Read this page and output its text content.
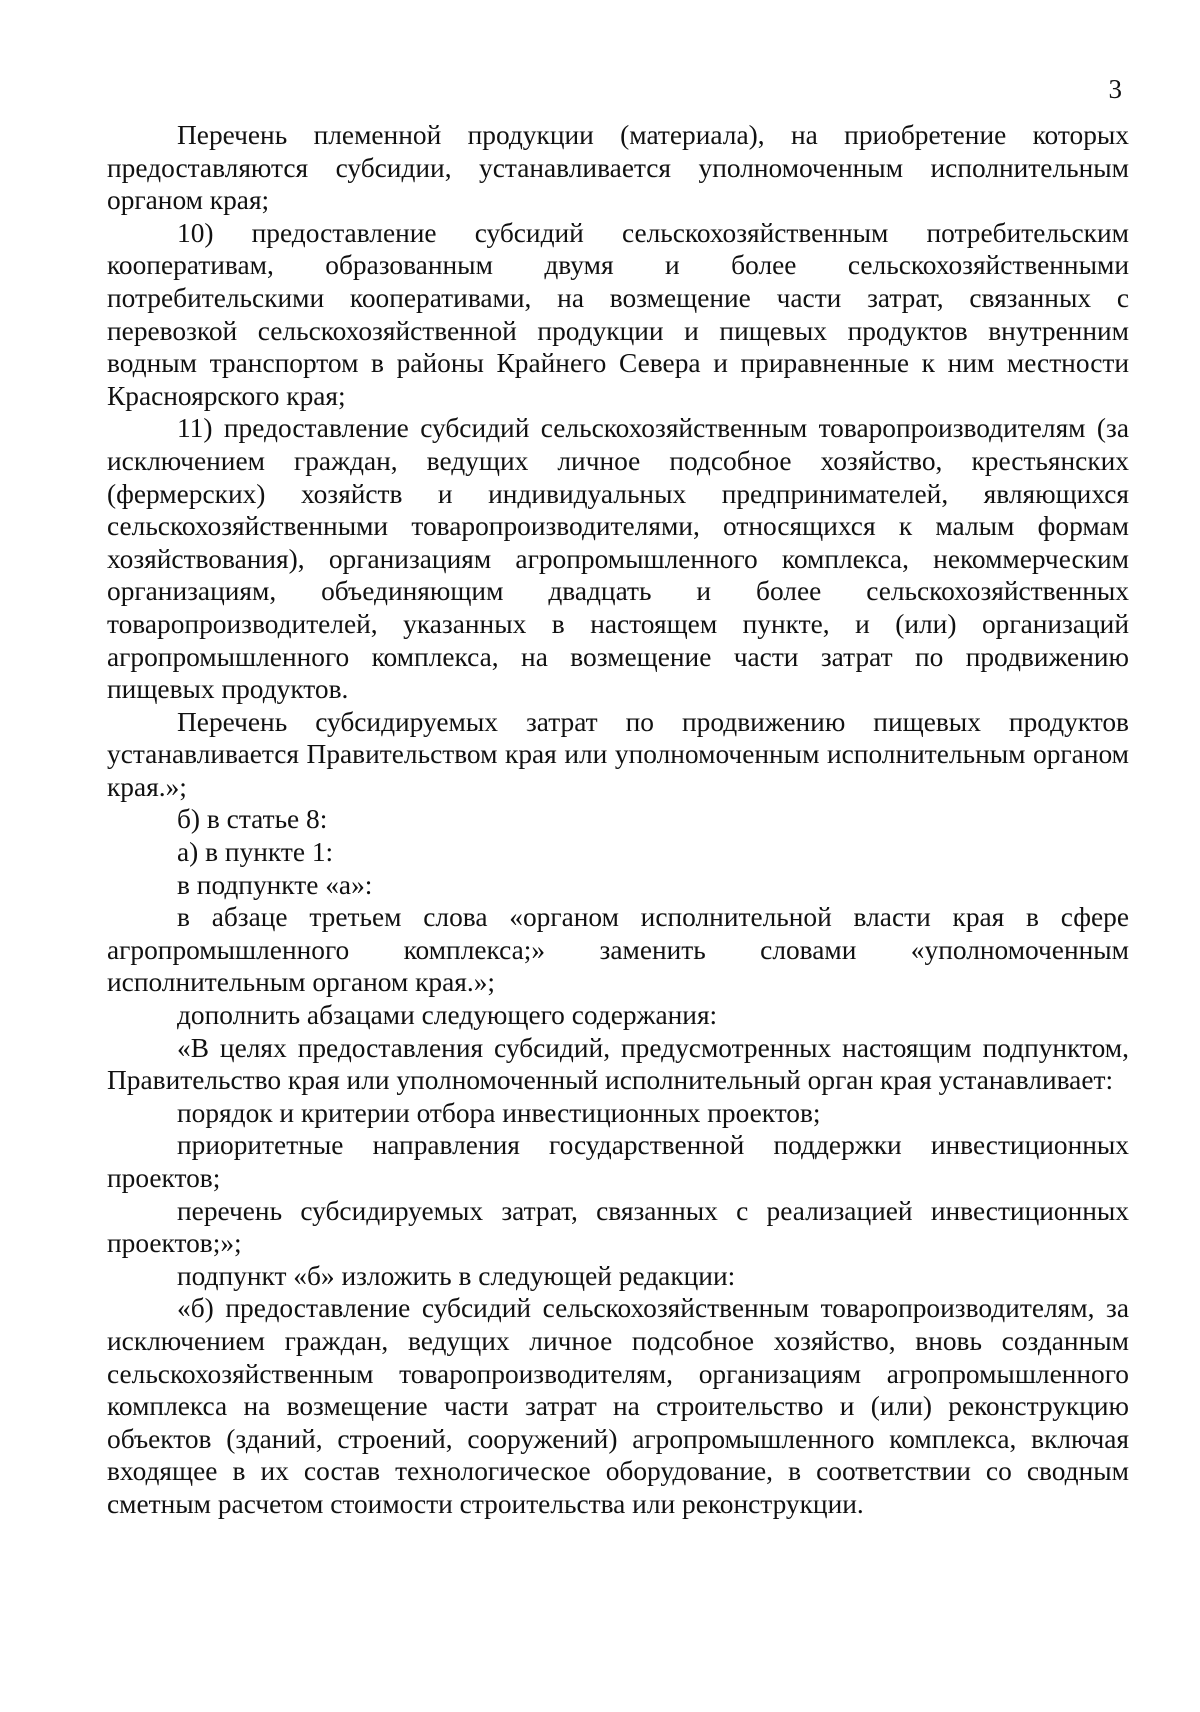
3

Перечень племенной продукции (материала), на приобретение которых предоставляются субсидии, устанавливается уполномоченным исполнительным органом края;

10) предоставление субсидий сельскохозяйственным потребительским кооперативам, образованным двумя и более сельскохозяйственными потребительскими кооперативами, на возмещение части затрат, связанных с перевозкой сельскохозяйственной продукции и пищевых продуктов внутренним водным транспортом в районы Крайнего Севера и приравненные к ним местности Красноярского края;

11) предоставление субсидий сельскохозяйственным товаропроизводителям (за исключением граждан, ведущих личное подсобное хозяйство, крестьянских (фермерских) хозяйств и индивидуальных предпринимателей, являющихся сельскохозяйственными товаропроизводителями, относящихся к малым формам хозяйствования), организациям агропромышленного комплекса, некоммерческим организациям, объединяющим двадцать и более сельскохозяйственных товаропроизводителей, указанных в настоящем пункте, и (или) организаций агропромышленного комплекса, на возмещение части затрат по продвижению пищевых продуктов.

Перечень субсидируемых затрат по продвижению пищевых продуктов устанавливается Правительством края или уполномоченным исполнительным органом края.»;

б) в статье 8:

а) в пункте 1:

в подпункте «а»:

в абзаце третьем слова «органом исполнительной власти края в сфере агропромышленного комплекса;» заменить словами «уполномоченным исполнительным органом края.»;

дополнить абзацами следующего содержания:

«В целях предоставления субсидий, предусмотренных настоящим подпунктом, Правительство края или уполномоченный исполнительный орган края устанавливает:

порядок и критерии отбора инвестиционных проектов;

приоритетные направления государственной поддержки инвестиционных проектов;

перечень субсидируемых затрат, связанных с реализацией инвестиционных проектов;»;

подпункт «б» изложить в следующей редакции:

«б) предоставление субсидий сельскохозяйственным товаропроизводителям, за исключением граждан, ведущих личное подсобное хозяйство, вновь созданным сельскохозяйственным товаропроизводителям, организациям агропромышленного комплекса на возмещение части затрат на строительство и (или) реконструкцию объектов (зданий, строений, сооружений) агропромышленного комплекса, включая входящее в их состав технологическое оборудование, в соответствии со сводным сметным расчетом стоимости строительства или реконструкции.
